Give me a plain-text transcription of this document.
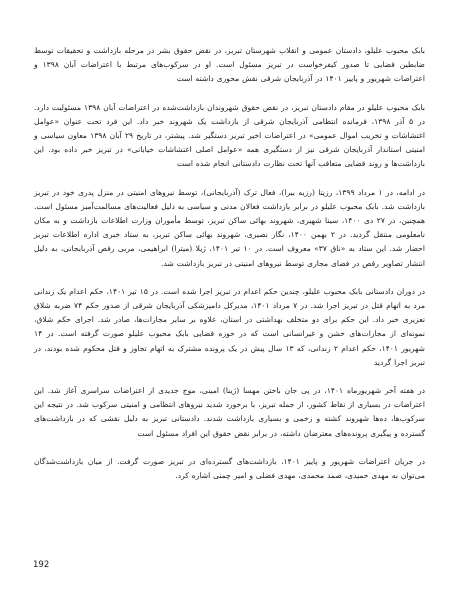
بابک محبوب علیلو، دادستان عمومی و انقلاب شهرستان تبریز، در نقض حقوق بشر در مرحله بازداشت و تحقیقات توسط ضابطین قضایی تا صدور کیفرخواست در تبریز مسئول است. او در سرکوب‌های مرتبط با اعتراضات آبان ۱۳۹۸ و اعتراضات شهریور و پاییز ۱۴۰۱ در آذربایجان شرقی نقش محوری داشته است

بابک محبوب علیلو در مقام دادستان تبریز، در نقض حقوق شهروندان بازداشت‌شده در اعتراضات آبان ۱۳۹۸ مسئولیت دارد. در ۵ آذر ۱۳۹۸، فرمانده انتظامی آذربایجان شرقی از بازداشت یک شهروند خبر داد. این فرد تحت عنوان «عوامل اغتشاشات و تخریب اموال عمومی» در اعتراضات اخیر تبریز دستگیر شد. پیشتر، در تاریخ ۲۹ آبان ۱۳۹۸ معاون سیاسی و امنیتی استاندار آذربایجان شرقی نیز از دستگیری همه «عوامل اصلی اغتشاشات خیابانی» در تبریز خبر داده بود. این بازداشت‌ها و روند قضایی متعاقب آنها تحت نظارت دادستانی انجام شده است

در ادامه، در ۱ مرداد ۱۳۹۹، رزیتا (رزیه بیرا)، فعال ترک (آذربایجانی)، توسط نیروهای امنیتی در منزل پدری خود در تبریز بازداشت شد. بابک محبوب علیلو در برابر بازداشت فعالان مدنی و سیاسی به دلیل فعالیت‌های مسالمت‌آمیز مسئول است. همچنین، در ۲۷ دی ۱۴۰۰، سینا شهیری، شهروند بهائی ساکن تبریز، توسط مأموران وزارت اطلاعات بازداشت و به مکان نامعلومی منتقل گردید. در ۲ بهمن ۱۴۰۰، نگار نصیری، شهروند بهائی ساکن تبریز، به ستاد خبری اداره اطلاعات تبریز احضار شد. این ستاد به «ناق ۳۷» معروف است. در ۱۰ تیر ۱۴۰۱، ژیلا (میترا) ابراهیمی، مربی رقص آذربایجانی، به دلیل انتشار تصاویر رقص در فضای مجازی توسط نیروهای امنیتی در تبریز بازداشت شد.

در دوران دادستانی بابک محبوب علیلو، چندین حکم اعدام در تبریز اجرا شده است. در ۱۵ تیر ۱۴۰۱، حکم اعدام یک زندانی مرد به اتهام قتل در تبریز اجرا شد. در ۷ مرداد ۱۴۰۱، مدیرکل دامپزشکی آذربایجان شرقی از صدور حکم ۷۴ ضربه شلاق تعزیری خبر داد. این حکم برای دو متخلف بهداشتی در استان، علاوه بر سایر مجازات‌ها، صادر شد. اجرای حکم شلاق، نمونه‌ای از مجازات‌های خشن و غیرانسانی است که در حوزه قضایی بابک محبوب علیلو صورت گرفته است. در ۱۴ شهریور ۱۴۰۱، حکم اعدام ۲ زندانی، که ۱۳ سال پیش در یک پرونده مشترک به اتهام تجاوز و قتل محکوم شده بودند، در تبریز اجرا گردید

در هفته آخر شهریورماه ۱۴۰۱، در پی جان باختن مهسا (ژینا) امینی، موج جدیدی از اعتراضات سراسری آغاز شد. این اعتراضات در بسیاری از نقاط کشور، از جمله تبریز، با برخورد شدید نیروهای انتظامی و امنیتی سرکوب شد. در نتیجه این سرکوب‌ها، ده‌ها شهروند کشته و زخمی و بسیاری بازداشت شدند. دادستانی تبریز به دلیل نقشی که در بازداشت‌های گسترده و پیگیری پرونده‌های معترضان داشته، در برابر نقض حقوق این افراد مسئول است

در جریان اعتراضات شهریور و پاییز ۱۴۰۱، بازداشت‌های گسترده‌ای در تبریز صورت گرفت. از میان بازداشت‌شدگان می‌توان به مهدی حمیدی، صمد محمدی، مهدی فضلی و امیر چمنی اشاره کرد.

192
